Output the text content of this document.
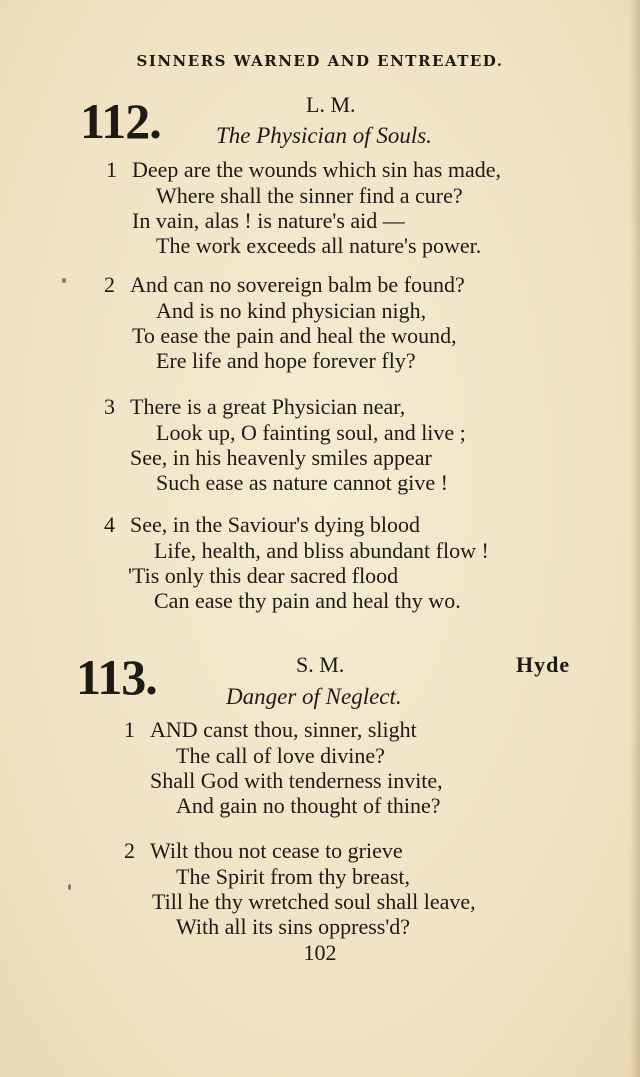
SINNERS WARNED AND ENTREATED.
112.	L. M.
The Physician of Souls.
1 Deep are the wounds which sin has made,
Where shall the sinner find a cure?
In vain, alas ! is nature's aid —
The work exceeds all nature's power.
2 And can no sovereign balm be found?
And is no kind physician nigh,
To ease the pain and heal the wound,
Ere life and hope forever fly?
3 There is a great Physician near,
Look up, O fainting soul, and live ;
See, in his heavenly smiles appear
Such ease as nature cannot give !
4 See, in the Saviour's dying blood
Life, health, and bliss abundant flow !
'Tis only this dear sacred flood
Can ease thy pain and heal thy wo.
113.	S. M.	Hyde
Danger of Neglect.
1 AND canst thou, sinner, slight
The call of love divine?
Shall God with tenderness invite,
And gain no thought of thine?
2 Wilt thou not cease to grieve
The Spirit from thy breast,
Till he thy wretched soul shall leave,
With all its sins oppress'd?
102
